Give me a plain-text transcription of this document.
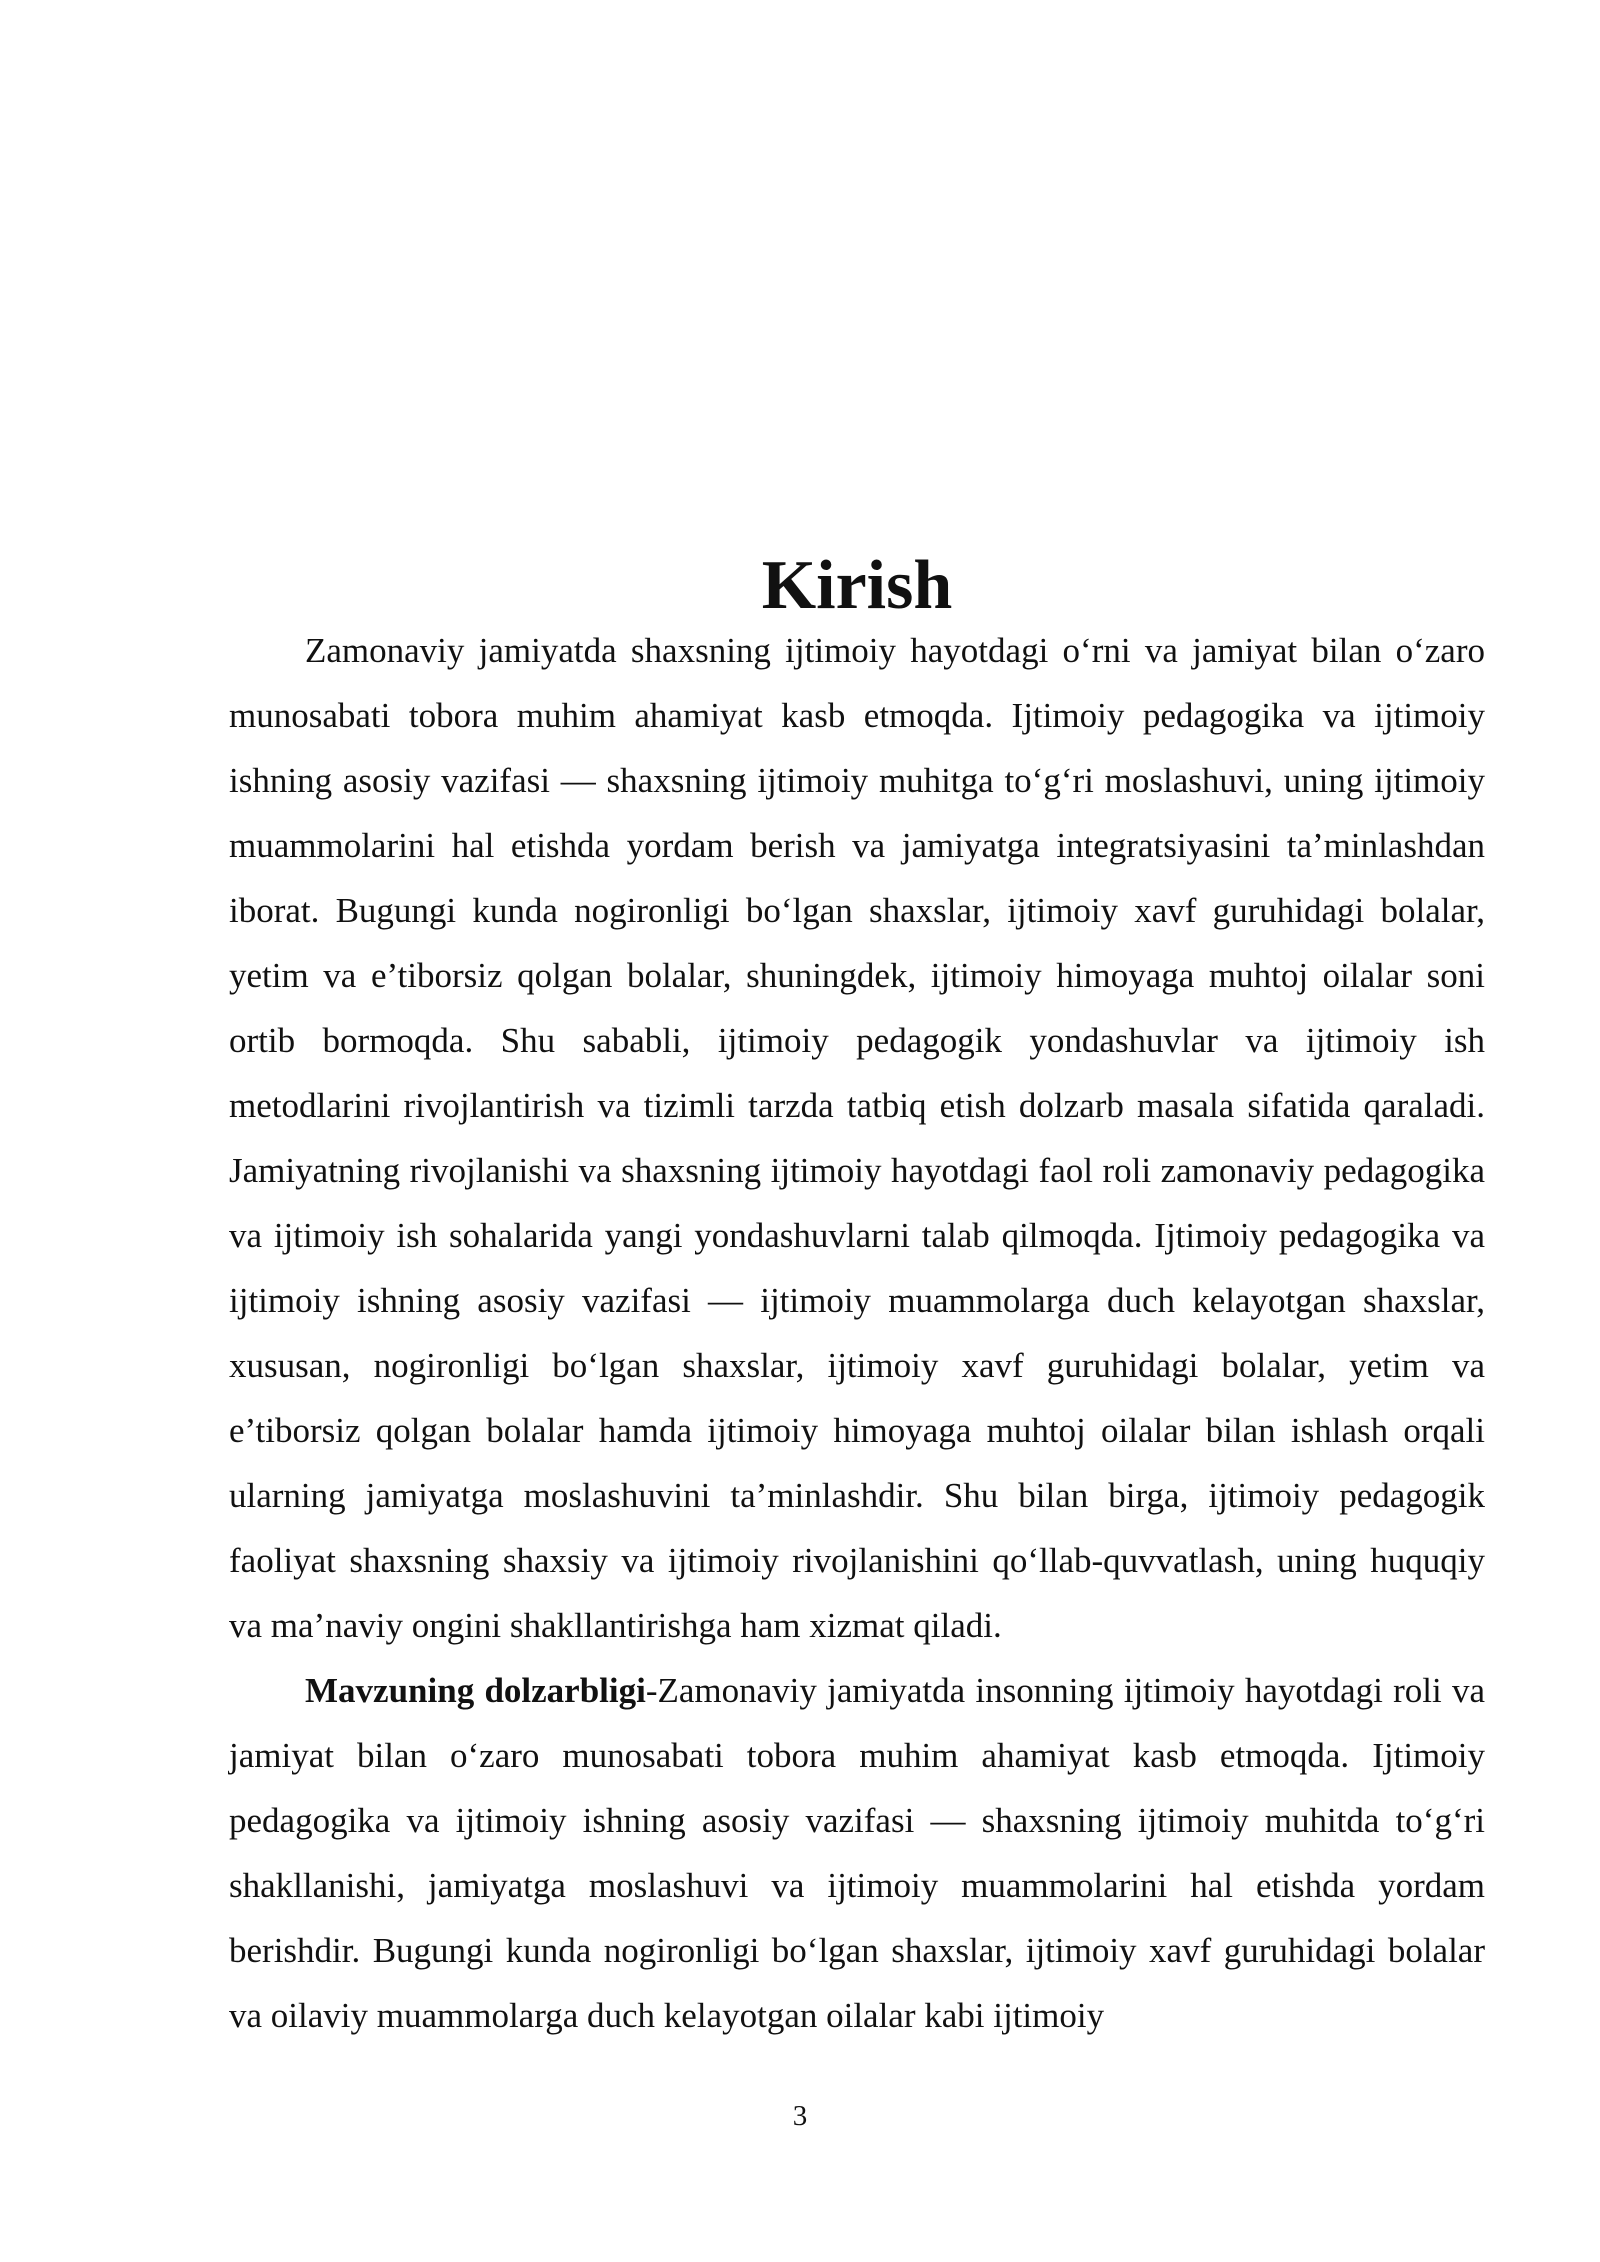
Kirish

Zamonaviy jamiyatda shaxsning ijtimoiy hayotdagi o‘rni va jamiyat bilan o‘zaro munosabati tobora muhim ahamiyat kasb etmoqda. Ijtimoiy pedagogika va ijtimoiy ishning asosiy vazifasi — shaxsning ijtimoiy muhitga to‘g‘ri moslashuvi, uning ijtimoiy muammolarini hal etishda yordam berish va jamiyatga integratsiyasini ta’minlashdan iborat. Bugungi kunda nogironligi bo‘lgan shaxslar, ijtimoiy xavf guruhidagi bolalar, yetim va e’tiborsiz qolgan bolalar, shuningdek, ijtimoiy himoyaga muhtoj oilalar soni ortib bormoqda. Shu sababli, ijtimoiy pedagogik yondashuvlar va ijtimoiy ish metodlarini rivojlantirish va tizimli tarzda tatbiq etish dolzarb masala sifatida qaraladi. Jamiyatning rivojlanishi va shaxsning ijtimoiy hayotdagi faol roli zamonaviy pedagogika va ijtimoiy ish sohalarida yangi yondashuvlarni talab qilmoqda. Ijtimoiy pedagogika va ijtimoiy ishning asosiy vazifasi — ijtimoiy muammolarga duch kelayotgan shaxslar, xususan, nogironligi bo‘lgan shaxslar, ijtimoiy xavf guruhidagi bolalar, yetim va e’tiborsiz qolgan bolalar hamda ijtimoiy himoyaga muhtoj oilalar bilan ishlash orqali ularning jamiyatga moslashuvini ta’minlashdir. Shu bilan birga, ijtimoiy pedagogik faoliyat shaxsning shaxsiy va ijtimoiy rivojlanishini qo‘llab-quvvatlash, uning huquqiy va ma’naviy ongini shakllantirishga ham xizmat qiladi.

Mavzuning dolzarbligi-Zamonaviy jamiyatda insonning ijtimoiy hayotdagi roli va jamiyat bilan o‘zaro munosabati tobora muhim ahamiyat kasb etmoqda. Ijtimoiy pedagogika va ijtimoiy ishning asosiy vazifasi — shaxsning ijtimoiy muhitda to‘g‘ri shakllanishi, jamiyatga moslashuvi va ijtimoiy muammolarini hal etishda yordam berishdir. Bugungi kunda nogironligi bo‘lgan shaxslar, ijtimoiy xavf guruhidagi bolalar va oilaviy muammolarga duch kelayotgan oilalar kabi ijtimoiy

3
